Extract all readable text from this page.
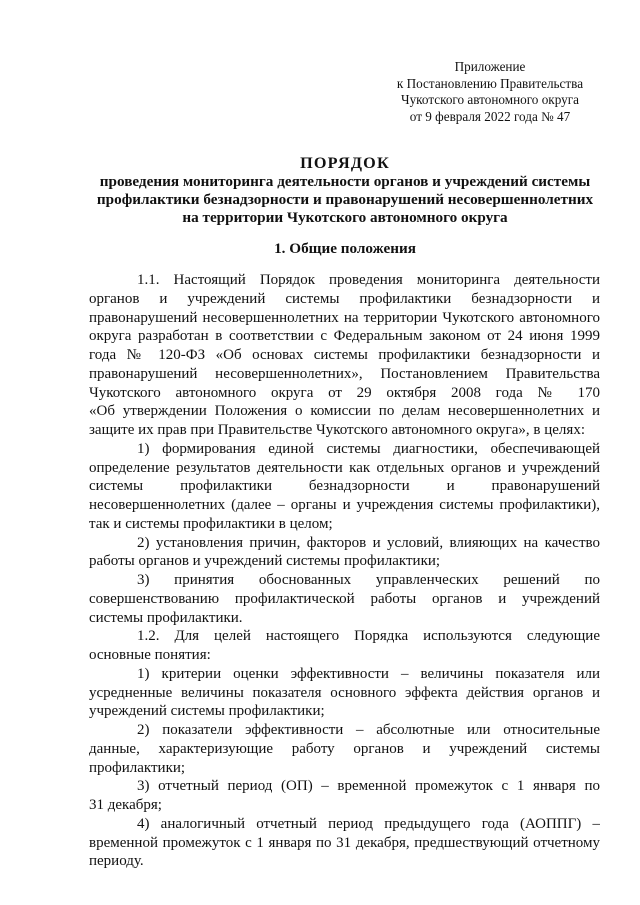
Приложение
к Постановлению Правительства
Чукотского автономного округа
от 9 февраля 2022 года № 47
ПОРЯДОК
проведения мониторинга деятельности органов и учреждений системы
профилактики безнадзорности и правонарушений несовершеннолетних
на территории Чукотского автономного округа
1. Общие положения
1.1. Настоящий Порядок проведения мониторинга деятельности
органов и учреждений системы профилактики безнадзорности и
правонарушений несовершеннолетних на территории Чукотского автономного
округа разработан в соответствии с Федеральным законом от 24 июня 1999
года № 120-ФЗ «Об основах системы профилактики безнадзорности и
правонарушений несовершеннолетних», Постановлением Правительства
Чукотского автономного округа от 29 октября 2008 года № 170
«Об утверждении Положения о комиссии по делам несовершеннолетних и
защите их прав при Правительстве Чукотского автономного округа», в целях:
1) формирования единой системы диагностики, обеспечивающей
определение результатов деятельности как отдельных органов и учреждений
системы профилактики безнадзорности и правонарушений
несовершеннолетних (далее – органы и учреждения системы профилактики),
так и системы профилактики в целом;
2) установления причин, факторов и условий, влияющих на качество
работы органов и учреждений системы профилактики;
3) принятия обоснованных управленческих решений по
совершенствованию профилактической работы органов и учреждений
системы профилактики.
1.2. Для целей настоящего Порядка используются следующие
основные понятия:
1) критерии оценки эффективности – величины показателя или
усредненные величины показателя основного эффекта действия органов и
учреждений системы профилактики;
2) показатели эффективности – абсолютные или относительные
данные, характеризующие работу органов и учреждений системы
профилактики;
3) отчетный период (ОП) – временной промежуток с 1 января по
31 декабря;
4) аналогичный отчетный период предыдущего года (АОППГ) –
временной промежуток с 1 января по 31 декабря, предшествующий отчетному
периоду.
